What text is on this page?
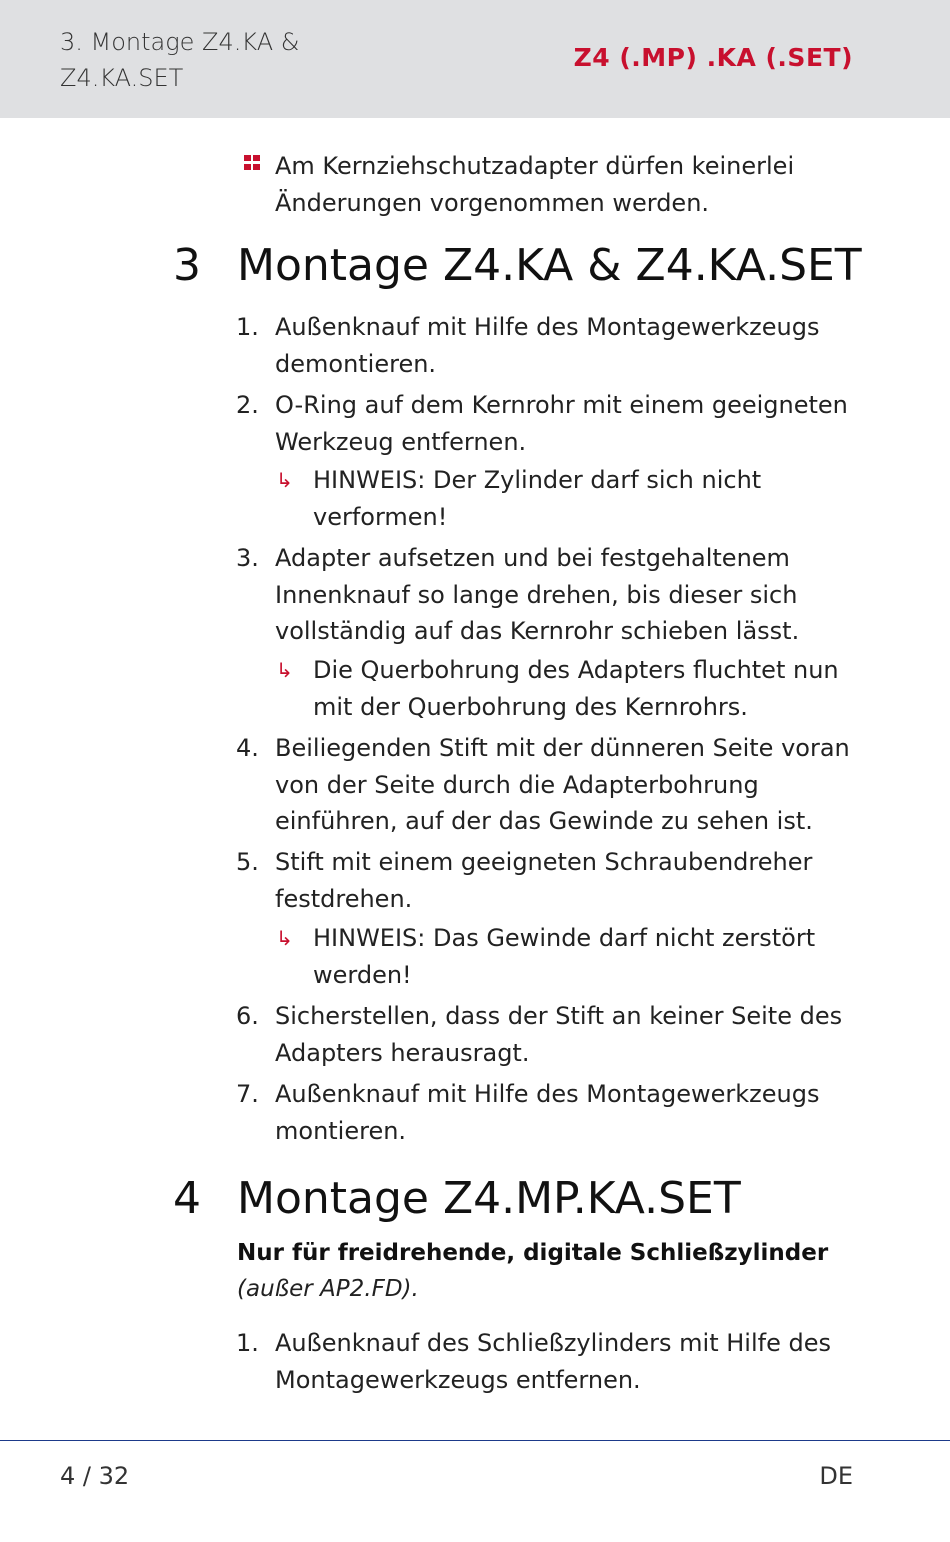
3. Montage Z4.KA & Z4.KA.SET
Z4 (.MP) .KA (.SET)
Am Kernziehschutzadapter dürfen keinerlei Änderungen vorgenommen werden.
3 Montage Z4.KA & Z4.KA.SET
1. Außenknauf mit Hilfe des Montagewerkzeugs demontieren.
2. O-Ring auf dem Kernrohr mit einem geeigneten Werkzeug entfernen.
↳ HINWEIS: Der Zylinder darf sich nicht verformen!
3. Adapter aufsetzen und bei festgehaltenem Innenknauf so lange drehen, bis dieser sich vollständig auf das Kernrohr schieben lässt.
↳ Die Querbohrung des Adapters fluchtet nun mit der Querbohrung des Kernrohrs.
4. Beiliegenden Stift mit der dünneren Seite voran von der Seite durch die Adapterbohrung einführen, auf der das Gewinde zu sehen ist.
5. Stift mit einem geeigneten Schraubendreher festdrehen.
↳ HINWEIS: Das Gewinde darf nicht zerstört werden!
6. Sicherstellen, dass der Stift an keiner Seite des Adapters herausragt.
7. Außenknauf mit Hilfe des Montagewerkzeugs montieren.
4 Montage Z4.MP.KA.SET
Nur für freidrehende, digitale Schließzylinder
(außer AP2.FD).
1. Außenknauf des Schließzylinders mit Hilfe des Montagewerkzeugs entfernen.
4 / 32	DE
